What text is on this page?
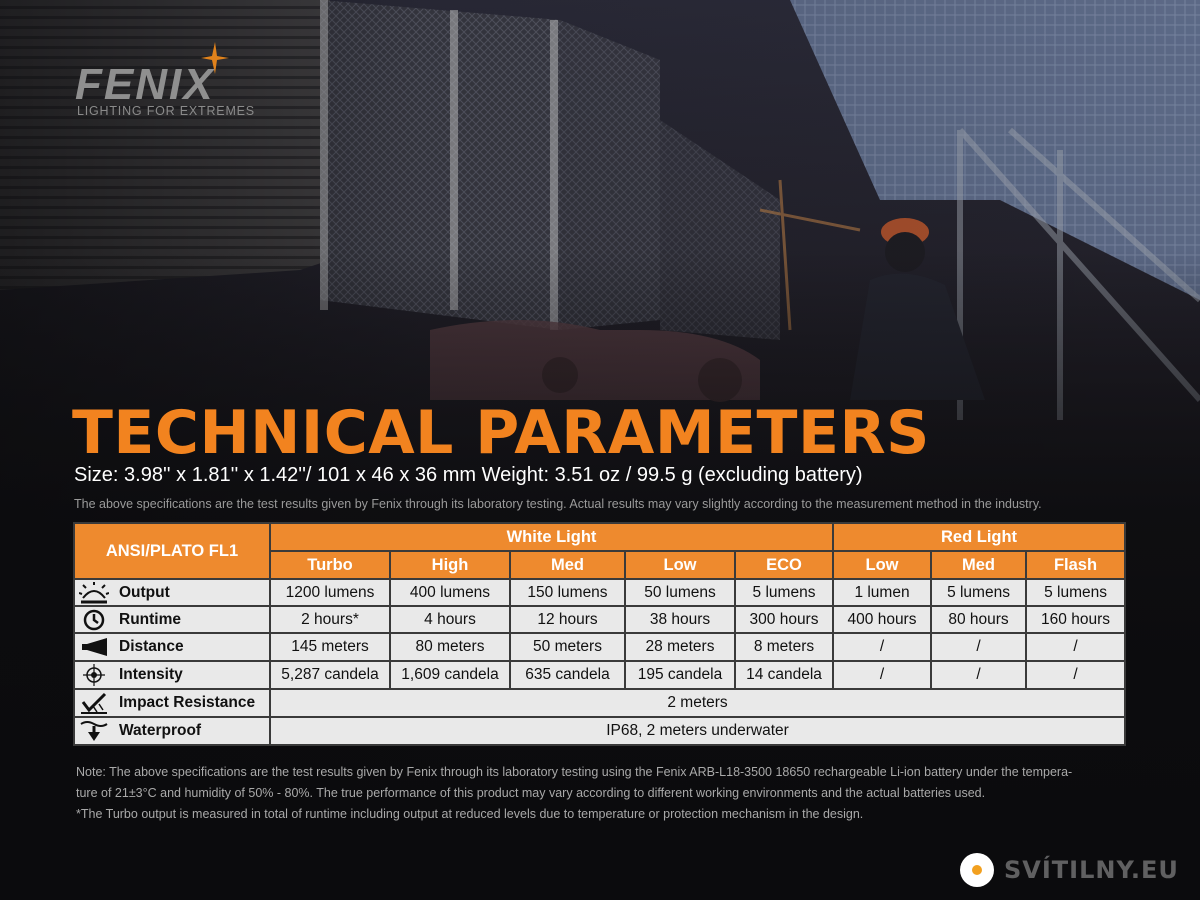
FENIX
LIGHTING FOR EXTREMES
TECHNICAL PARAMETERS
Size: 3.98'' x 1.81'' x 1.42''/ 101 x 46 x 36 mm Weight: 3.51 oz / 99.5 g (excluding battery)
The above specifications are the test results given by Fenix through its laboratory testing. Actual results may vary slightly according to the measurement method in the industry.
ANSI/PLATO FL1	White Light					Red Light		
	Turbo	High	Med	Low	ECO	Low	Med	Flash

Output	1200 lumens	400 lumens	150 lumens	50 lumens	5 lumens	1 lumen	5 lumens	5 lumens

Runtime	2 hours*	4 hours	12 hours	38 hours	300 hours	400 hours	80 hours	160 hours

Distance	145 meters	80 meters	50 meters	28 meters	8 meters	/	/	/

Intensity	5,287 candela	1,609 candela	635 candela	195 candela	14 candela	/	/	/

Impact Resistance	2 meters							

Waterproof	IP68, 2 meters underwater							

Note: The above specifications are the test results given by Fenix through its laboratory testing using the Fenix ARB-L18-3500 18650 rechargeable Li-ion battery under the tempera-

ture of 21±3°C and humidity of 50% - 80%. The true performance of this product may vary according to different working environments and the actual batteries used.

*The Turbo output is measured in total of runtime including output at reduced levels due to temperature or protection mechanism in the design.

SVÍTILNY.EU
